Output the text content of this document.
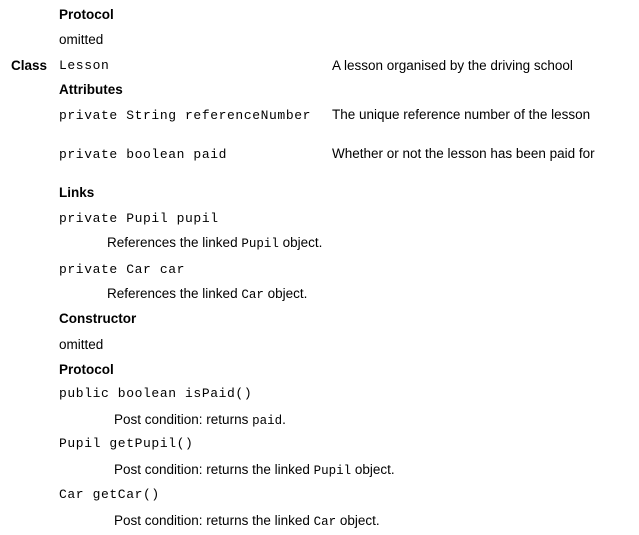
Protocol
omitted
Class Lesson	A lesson organised by the driving school
Attributes
private String referenceNumber The unique reference number of the lesson
private boolean paid	Whether or not the lesson has been paid for
Links
private Pupil pupil
References the linked Pupil object.
private Car car
References the linked Car object.
Constructor
omitted
Protocol
public boolean isPaid()
Post condition: returns paid.
Pupil getPupil()
Post condition: returns the linked Pupil object.
Car getCar()
Post condition: returns the linked Car object.
